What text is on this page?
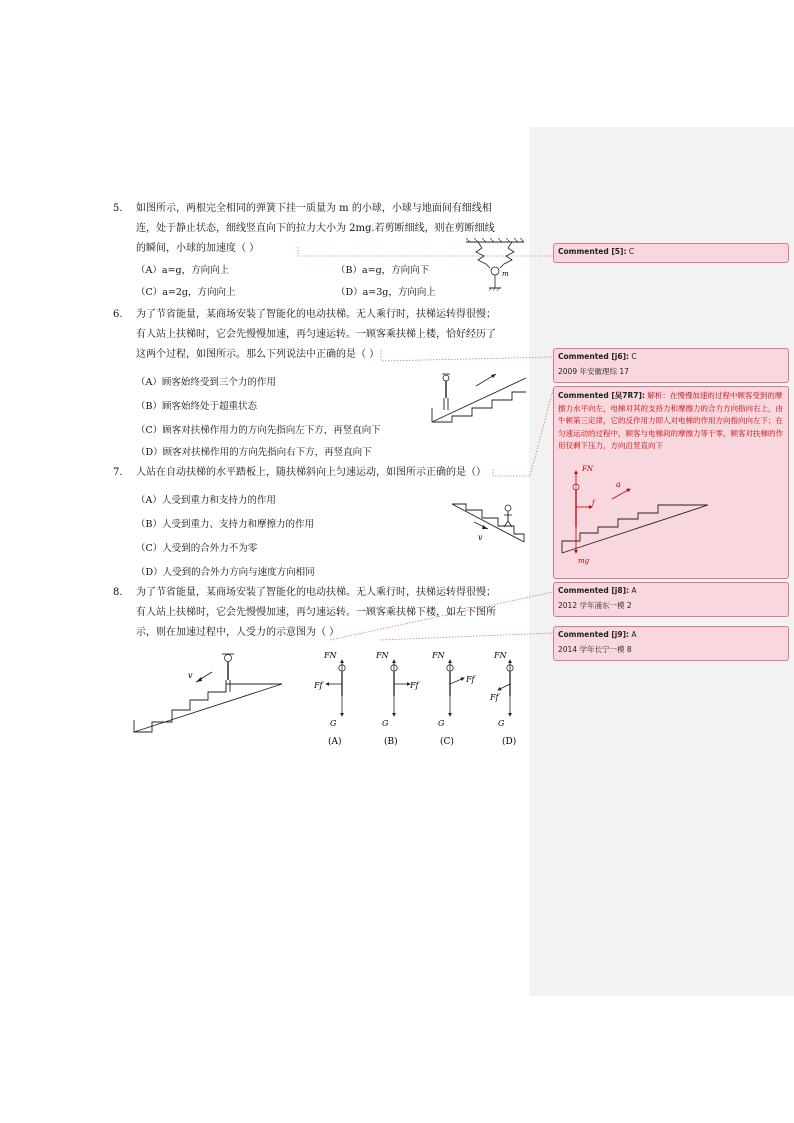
5. 如图所示，两根完全相同的弹簧下挂一质量为 m 的小球，小球与地面间有细线相
连，处于静止状态，细线竖直向下的拉力大小为 2mg.若剪断细线，则在剪断细线
的瞬间，小球的加速度（ ）
（A）a=g，方向向上	（B）a=g，方向向下
（C）a=2g，方向向上	（D）a=3g，方向向上
m
6. 为了节省能量，某商场安装了智能化的电动扶梯。无人乘行时，扶梯运转得很慢；
有人站上扶梯时，它会先慢慢加速，再匀速运转。一顾客乘扶梯上楼，恰好经历了
这两个过程，如图所示。那么下列说法中正确的是（ ）
（A）顾客始终受到三个力的作用
（B）顾客始终处于超重状态
（C）顾客对扶梯作用力的方向先指向左下方，再竖直向下
（D）顾客对扶梯作用的方向先指向右下方，再竖直向下
7. 人站在自动扶梯的水平踏板上，随扶梯斜向上匀速运动，如图所示正确的是（）
（A）人受到重力和支持力的作用
（B）人受到重力、支持力和摩擦力的作用
（C）人受到的合外力不为零
（D）人受到的合外力方向与速度方向相同
v
8. 为了节省能量，某商场安装了智能化的电动扶梯。无人乘行时，扶梯运转得很慢；
有人站上扶梯时，它会先慢慢加速，再匀速运转。一顾客乘扶梯下楼，如左下图所
示，则在加速过程中，人受力的示意图为（ ）
v
FN
Ff
G
(A)
FN
Ff
G
(B)
FN
Ff
G
(C)
FN
Ff
G
(D)
Commented [5]: C
Commented [j6]: C
2009 年安徽理综 17
Commented [吴7R7]: 解析：在慢慢加速的过程中顾客受到的摩擦力水平向左，电梯对其的支持力和摩擦力的合力方向指向右上，由牛顿第三定律，它的反作用力即人对电梯的作用方向指向向左下；在匀速运动的过程中，顾客与电梯间的摩擦力等于零，顾客对扶梯的作用仅剩下压力，方向沿竖直向下
FN
f
a
mg
Commented [j8]: A
2012 学年浦东一模 2
Commented [j9]: A
2014 学年长宁一模 8
